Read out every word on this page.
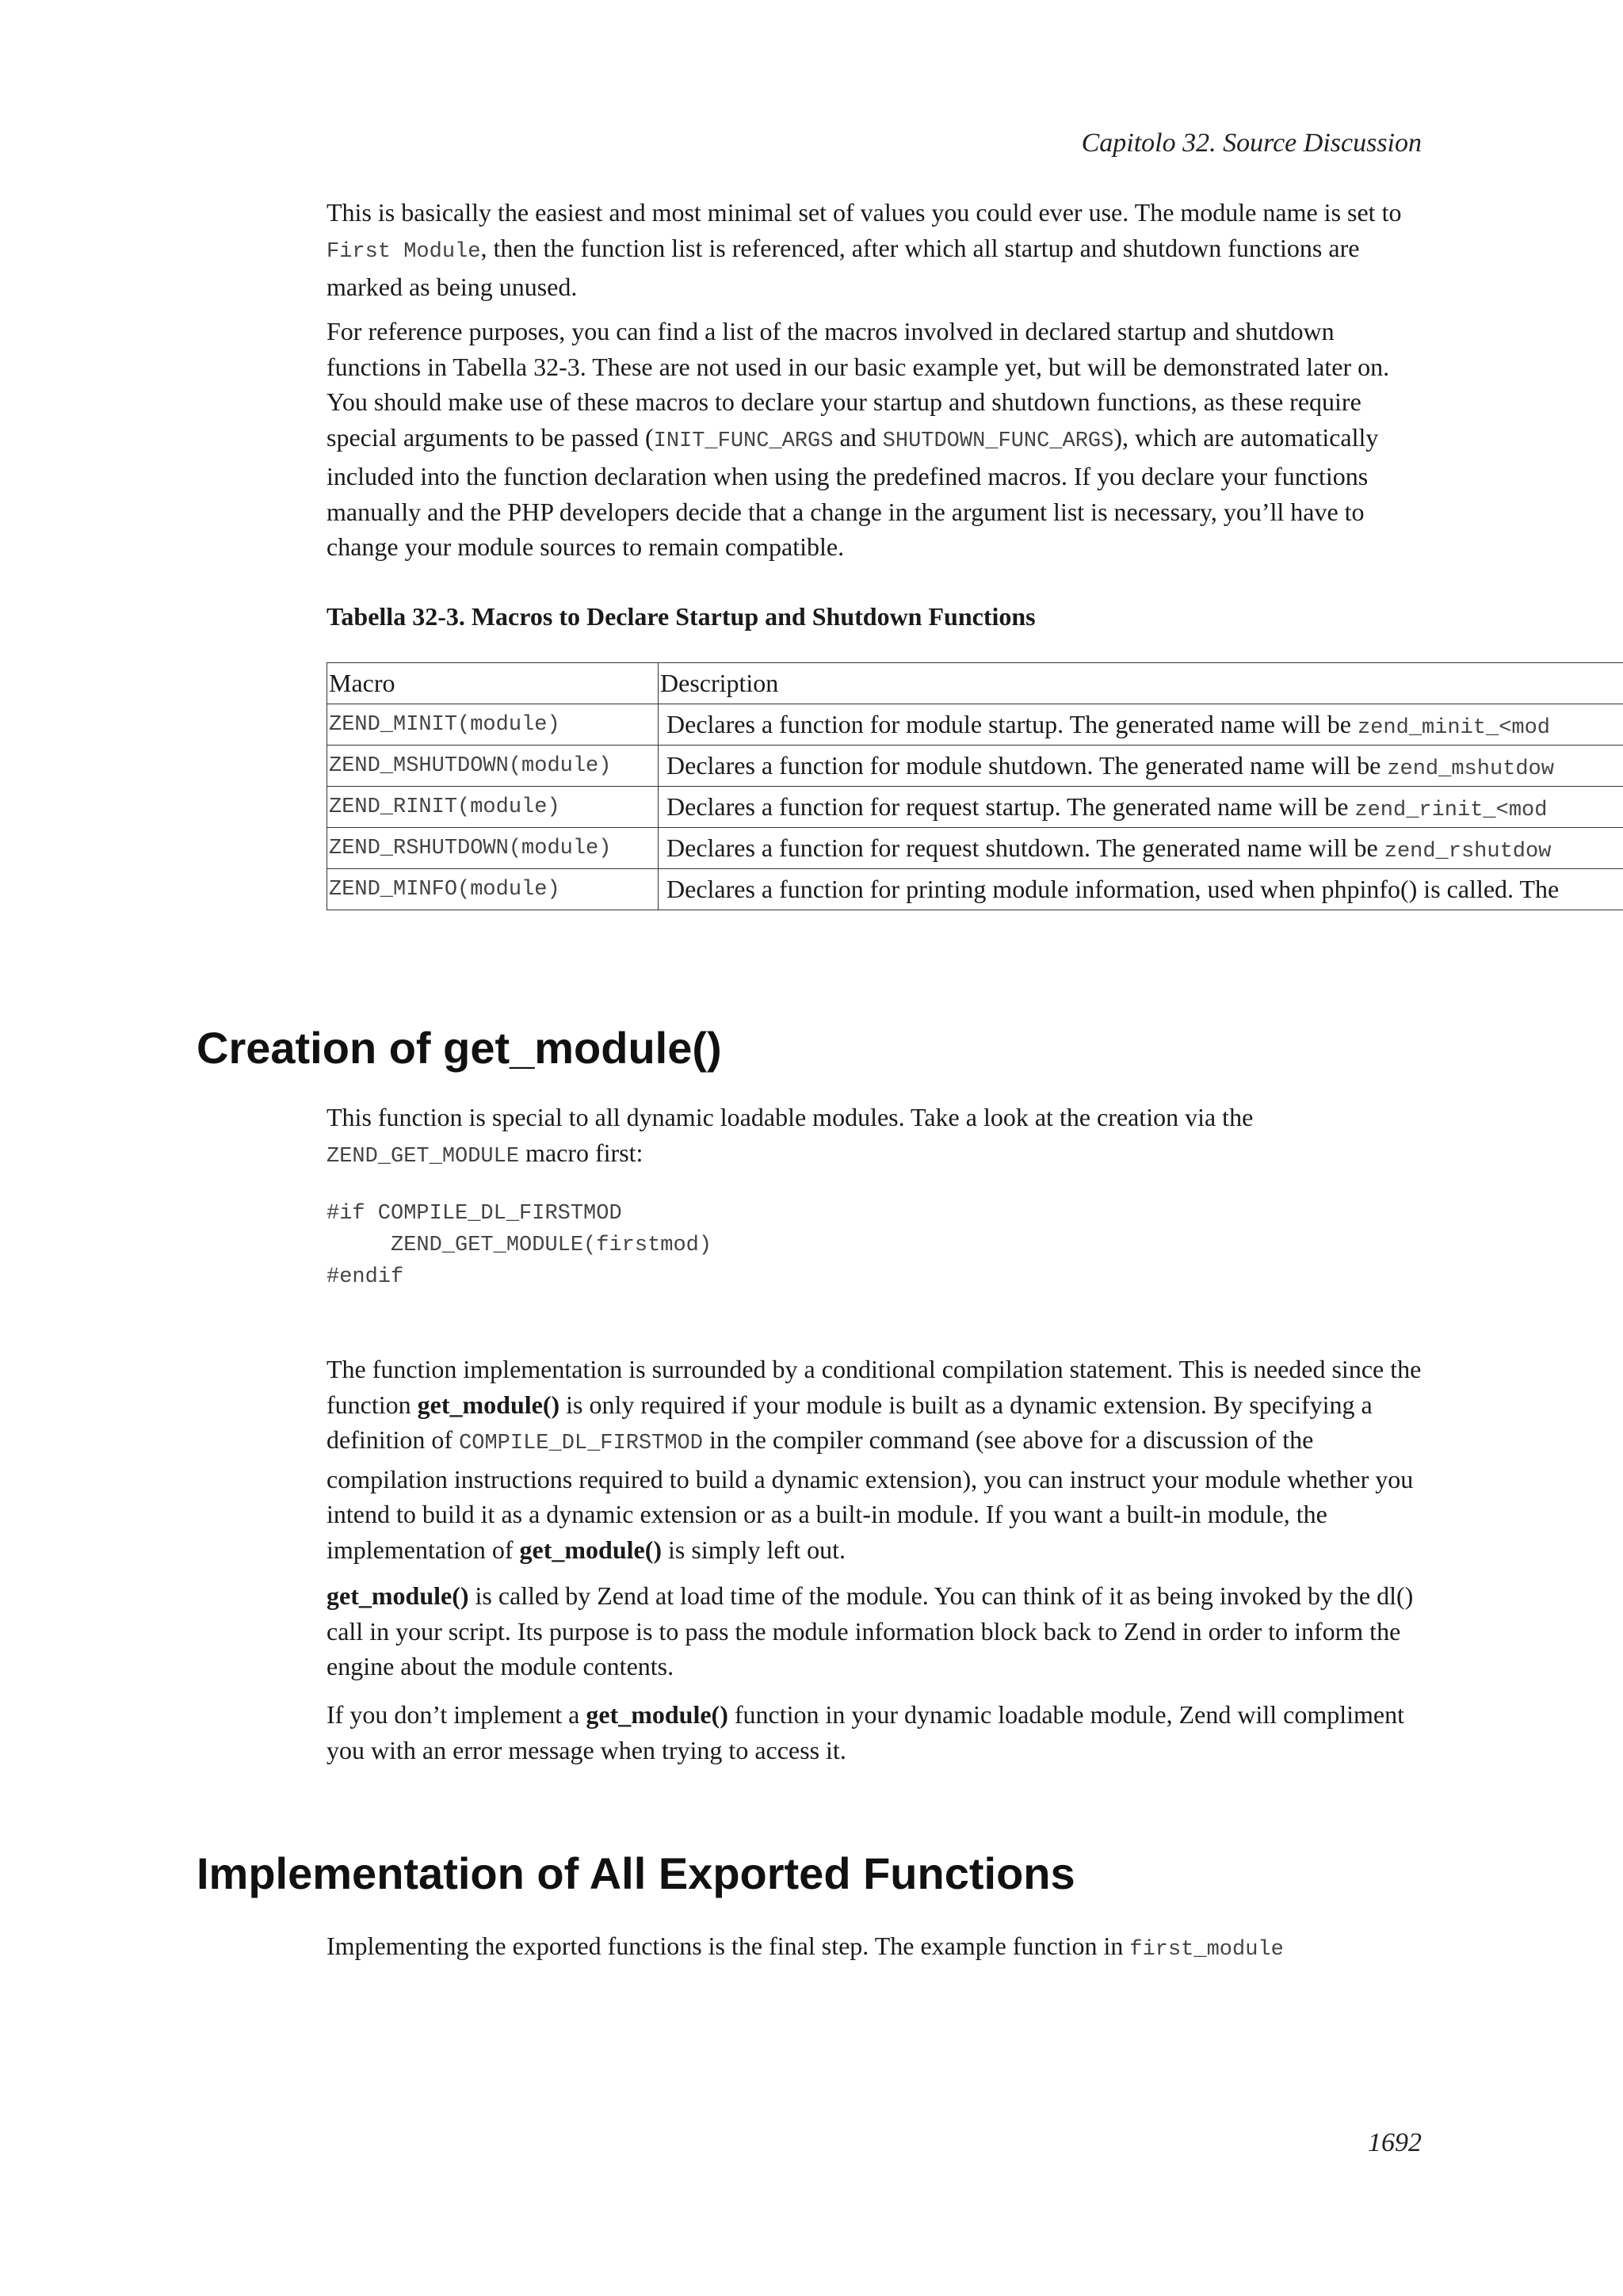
Capitolo 32. Source Discussion

This is basically the easiest and most minimal set of values you could ever use. The module name is set to First Module, then the function list is referenced, after which all startup and shutdown functions are marked as being unused.

For reference purposes, you can find a list of the macros involved in declared startup and shutdown functions in Tabella 32-3. These are not used in our basic example yet, but will be demonstrated later on. You should make use of these macros to declare your startup and shutdown functions, as these require special arguments to be passed (INIT_FUNC_ARGS and SHUTDOWN_FUNC_ARGS), which are automatically included into the function declaration when using the predefined macros. If you declare your functions manually and the PHP developers decide that a change in the argument list is necessary, you’ll have to change your module sources to remain compatible.

Tabella 32-3. Macros to Declare Startup and Shutdown Functions

Macro	Description
ZEND_MINIT(module)	Declares a function for module startup. The generated name will be zend_minit_<mod
ZEND_MSHUTDOWN(module)	Declares a function for module shutdown. The generated name will be zend_mshutdow
ZEND_RINIT(module)	Declares a function for request startup. The generated name will be zend_rinit_<mod
ZEND_RSHUTDOWN(module)	Declares a function for request shutdown. The generated name will be zend_rshutdow
ZEND_MINFO(module)	Declares a function for printing module information, used when phpinfo() is called. The
Creation of get_module()

This function is special to all dynamic loadable modules. Take a look at the creation via the ZEND_GET_MODULE macro first:

#if COMPILE_DL_FIRSTMOD
ZEND_GET_MODULE(firstmod)
#endif

The function implementation is surrounded by a conditional compilation statement. This is needed since the function get_module() is only required if your module is built as a dynamic extension. By specifying a definition of COMPILE_DL_FIRSTMOD in the compiler command (see above for a discussion of the compilation instructions required to build a dynamic extension), you can instruct your module whether you intend to build it as a dynamic extension or as a built-in module. If you want a built-in module, the implementation of get_module() is simply left out.

get_module() is called by Zend at load time of the module. You can think of it as being invoked by the dl() call in your script. Its purpose is to pass the module information block back to Zend in order to inform the engine about the module contents.

If you don’t implement a get_module() function in your dynamic loadable module, Zend will compliment you with an error message when trying to access it.

Implementation of All Exported Functions

Implementing the exported functions is the final step. The example function in first_module

1692
